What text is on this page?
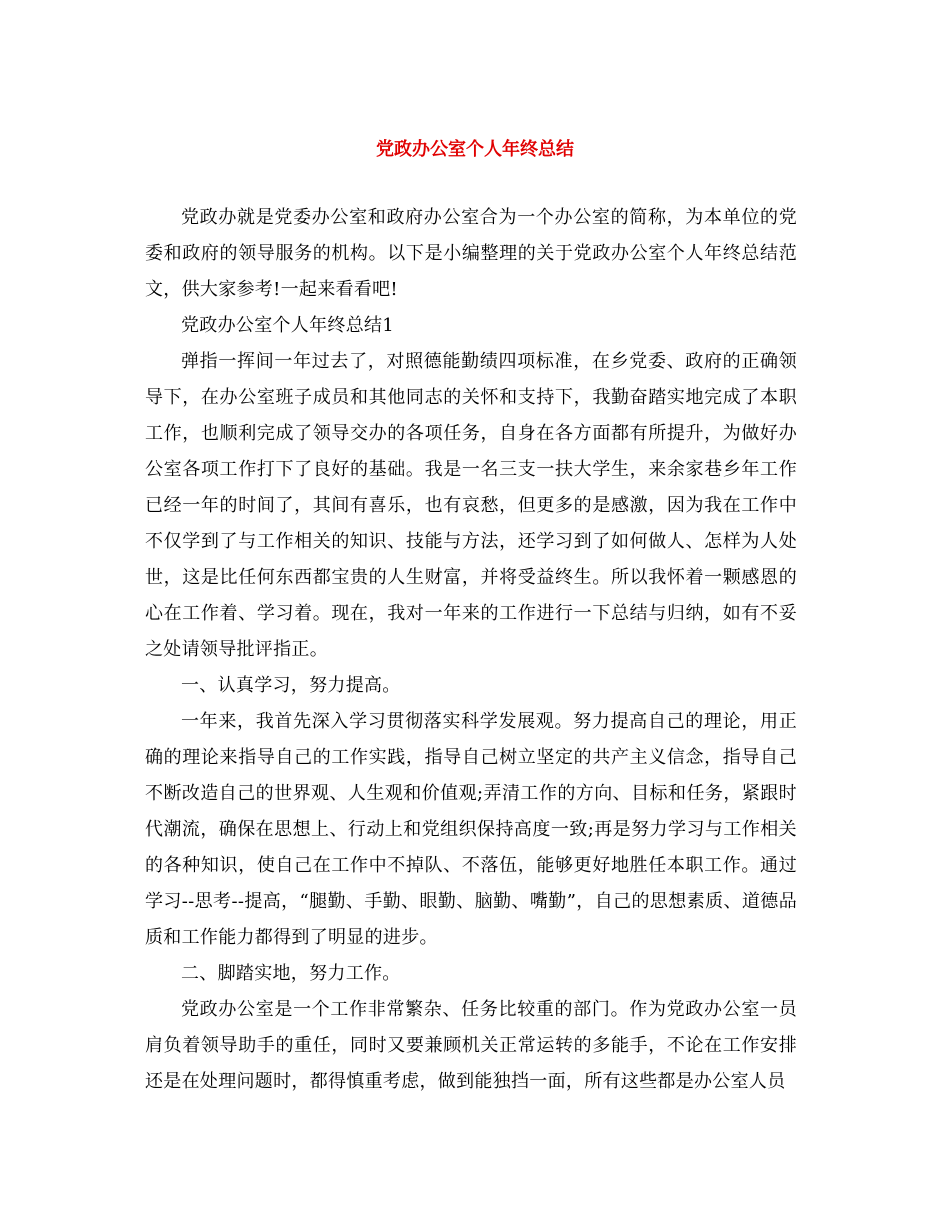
党政办公室个人年终总结

党政办就是党委办公室和政府办公室合为一个办公室的简称，为本单位的党委和政府的领导服务的机构。以下是小编整理的关于党政办公室个人年终总结范文，供大家参考!一起来看看吧!

党政办公室个人年终总结1

弹指一挥间一年过去了，对照德能勤绩四项标准，在乡党委、政府的正确领导下，在办公室班子成员和其他同志的关怀和支持下，我勤奋踏实地完成了本职工作，也顺利完成了领导交办的各项任务，自身在各方面都有所提升，为做好办公室各项工作打下了良好的基础。我是一名三支一扶大学生，来余家巷乡年工作已经一年的时间了，其间有喜乐，也有哀愁，但更多的是感激，因为我在工作中不仅学到了与工作相关的知识、技能与方法，还学习到了如何做人、怎样为人处世，这是比任何东西都宝贵的人生财富，并将受益终生。所以我怀着一颗感恩的心在工作着、学习着。现在，我对一年来的工作进行一下总结与归纳，如有不妥之处请领导批评指正。

一、认真学习，努力提高。

一年来，我首先深入学习贯彻落实科学发展观。努力提高自己的理论，用正确的理论来指导自己的工作实践，指导自己树立坚定的共产主义信念，指导自己不断改造自己的世界观、人生观和价值观;弄清工作的方向、目标和任务，紧跟时代潮流，确保在思想上、行动上和党组织保持高度一致;再是努力学习与工作相关的各种知识，使自己在工作中不掉队、不落伍，能够更好地胜任本职工作。通过学习--思考--提高，“腿勤、手勤、眼勤、脑勤、嘴勤”，自己的思想素质、道德品质和工作能力都得到了明显的进步。

二、脚踏实地，努力工作。

党政办公室是一个工作非常繁杂、任务比较重的部门。作为党政办公室一员肩负着领导助手的重任，同时又要兼顾机关正常运转的多能手，不论在工作安排还是在处理问题时，都得慎重考虑，做到能独挡一面，所有这些都是办公室人员
